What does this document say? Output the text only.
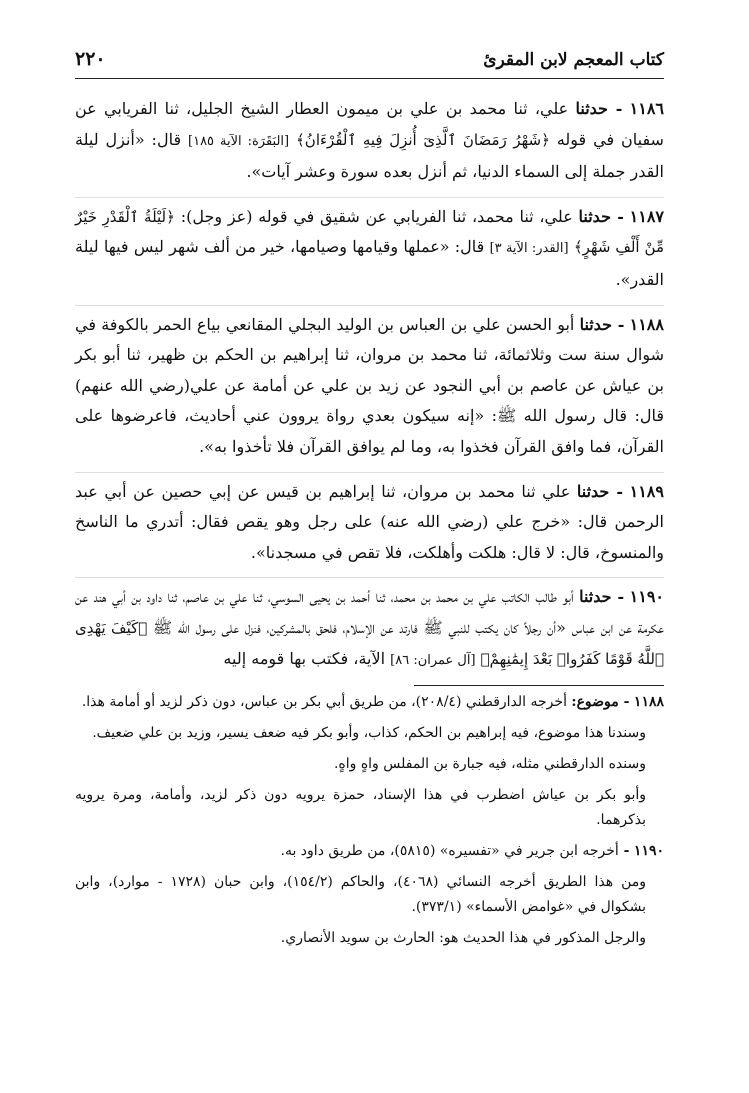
كتاب المعجم لابن المقرئ
٢٢٠

١١٨٦ - حدثنا علي، ثنا محمد بن علي بن ميمون العطار الشيخ الجليل، ثنا الفريابي عن سفيان في قوله ﴿شَهْرُ رَمَضَانَ ٱلَّذِىٓ أُنزِلَ فِيهِ ٱلْقُرْءَانُ﴾ [البَقَرَة: الآية ١٨٥] قال: «أنزل ليلة القدر جملة إلى السماء الدنيا، ثم أنزل بعده سورة وعشر آيات».

١١٨٧ - حدثنا علي، ثنا محمد، ثنا الفريابي عن شقيق في قوله (عز وجل): ﴿لَيْلَةُ ٱلْقَدْرِ خَيْرٌ مِّنْ أَلْفِ شَهْرٍ﴾ [القدر: الآية ٣] قال: «عملها وقيامها وصيامها، خير من ألف شهر ليس فيها ليلة القدر».

١١٨٨ - حدثنا أبو الحسن علي بن العباس بن الوليد البجلي المقانعي بياع الحمر بالكوفة في شوال سنة ست وثلاثمائة، ثنا محمد بن مروان، ثنا إبراهيم بن الحكم بن ظهير، ثنا أبو بكر بن عياش عن عاصم بن أبي النجود عن زيد بن علي عن أمامة عن علي(رضي الله عنهم) قال: قال رسول الله ﷺ: «إنه سيكون بعدي رواة يروون عني أحاديث، فاعرضوها على القرآن، فما وافق القرآن فخذوا به، وما لم يوافق القرآن فلا تأخذوا به».

١١٨٩ - حدثنا علي ثنا محمد بن مروان، ثنا إبراهيم بن قيس عن إبي حصين عن أبي عبد الرحمن قال: «خرج علي (رضي الله عنه) على رجل وهو يقص فقال: أتدري ما الناسخ والمنسوخ، قال: لا قال: هلكت وأهلكت، فلا تقص في مسجدنا».

١١٩٠ - حدثنا أبو طالب الكاتب علي بن محمد بن محمد، ثنا أحمد بن يحيى السوسي، ثنا علي بن عاصم، ثنا داود بن أبي هند عن عكرمة عن ابن عباس «أن رجلاً كان يكتب للنبي ﷺ فارتد عن الإسلام، فلحق بالمشركين، فنزل على رسول الله ﷺ ﴿كَيْفَ يَهْدِى ٱللَّهُ قَوْمًا كَفَرُوا۟ بَعْدَ إِيمَٰنِهِمْ﴾ [آل عمران: ٨٦] الآية، فكتب بها قومه إليه

١١٨٨ - موضوع: أخرجه الدارقطني (٢٠٨/٤)، من طريق أبي بكر بن عباس، دون ذكر لزيد أو أمامة هذا.

وسندنا هذا موضوع، فيه إبراهيم بن الحكم، كذاب، وأبو بكر فيه ضعف يسير، وزيد بن علي ضعيف.

وسنده الدارقطني مثله، فيه جبارة بن المفلس واهٍ واهٍ.

وأبو بكر بن عياش اضطرب في هذا الإسناد، حمزة يرويه دون ذكر لزيد، وأمامة، ومرة يرويه بذكرهما.

١١٩٠ - أخرجه ابن جرير في «تفسيره» (٥٨١٥)، من طريق داود به.

ومن هذا الطريق أخرجه النسائي (٤٠٦٨)، والحاكم (١٥٤/٢)، وابن حبان (١٧٢٨ - موارد)، وابن بشكوال في «غوامض الأسماء» (٣٧٣/١).

والرجل المذكور في هذا الحديث هو: الحارث بن سويد الأنصاري.
